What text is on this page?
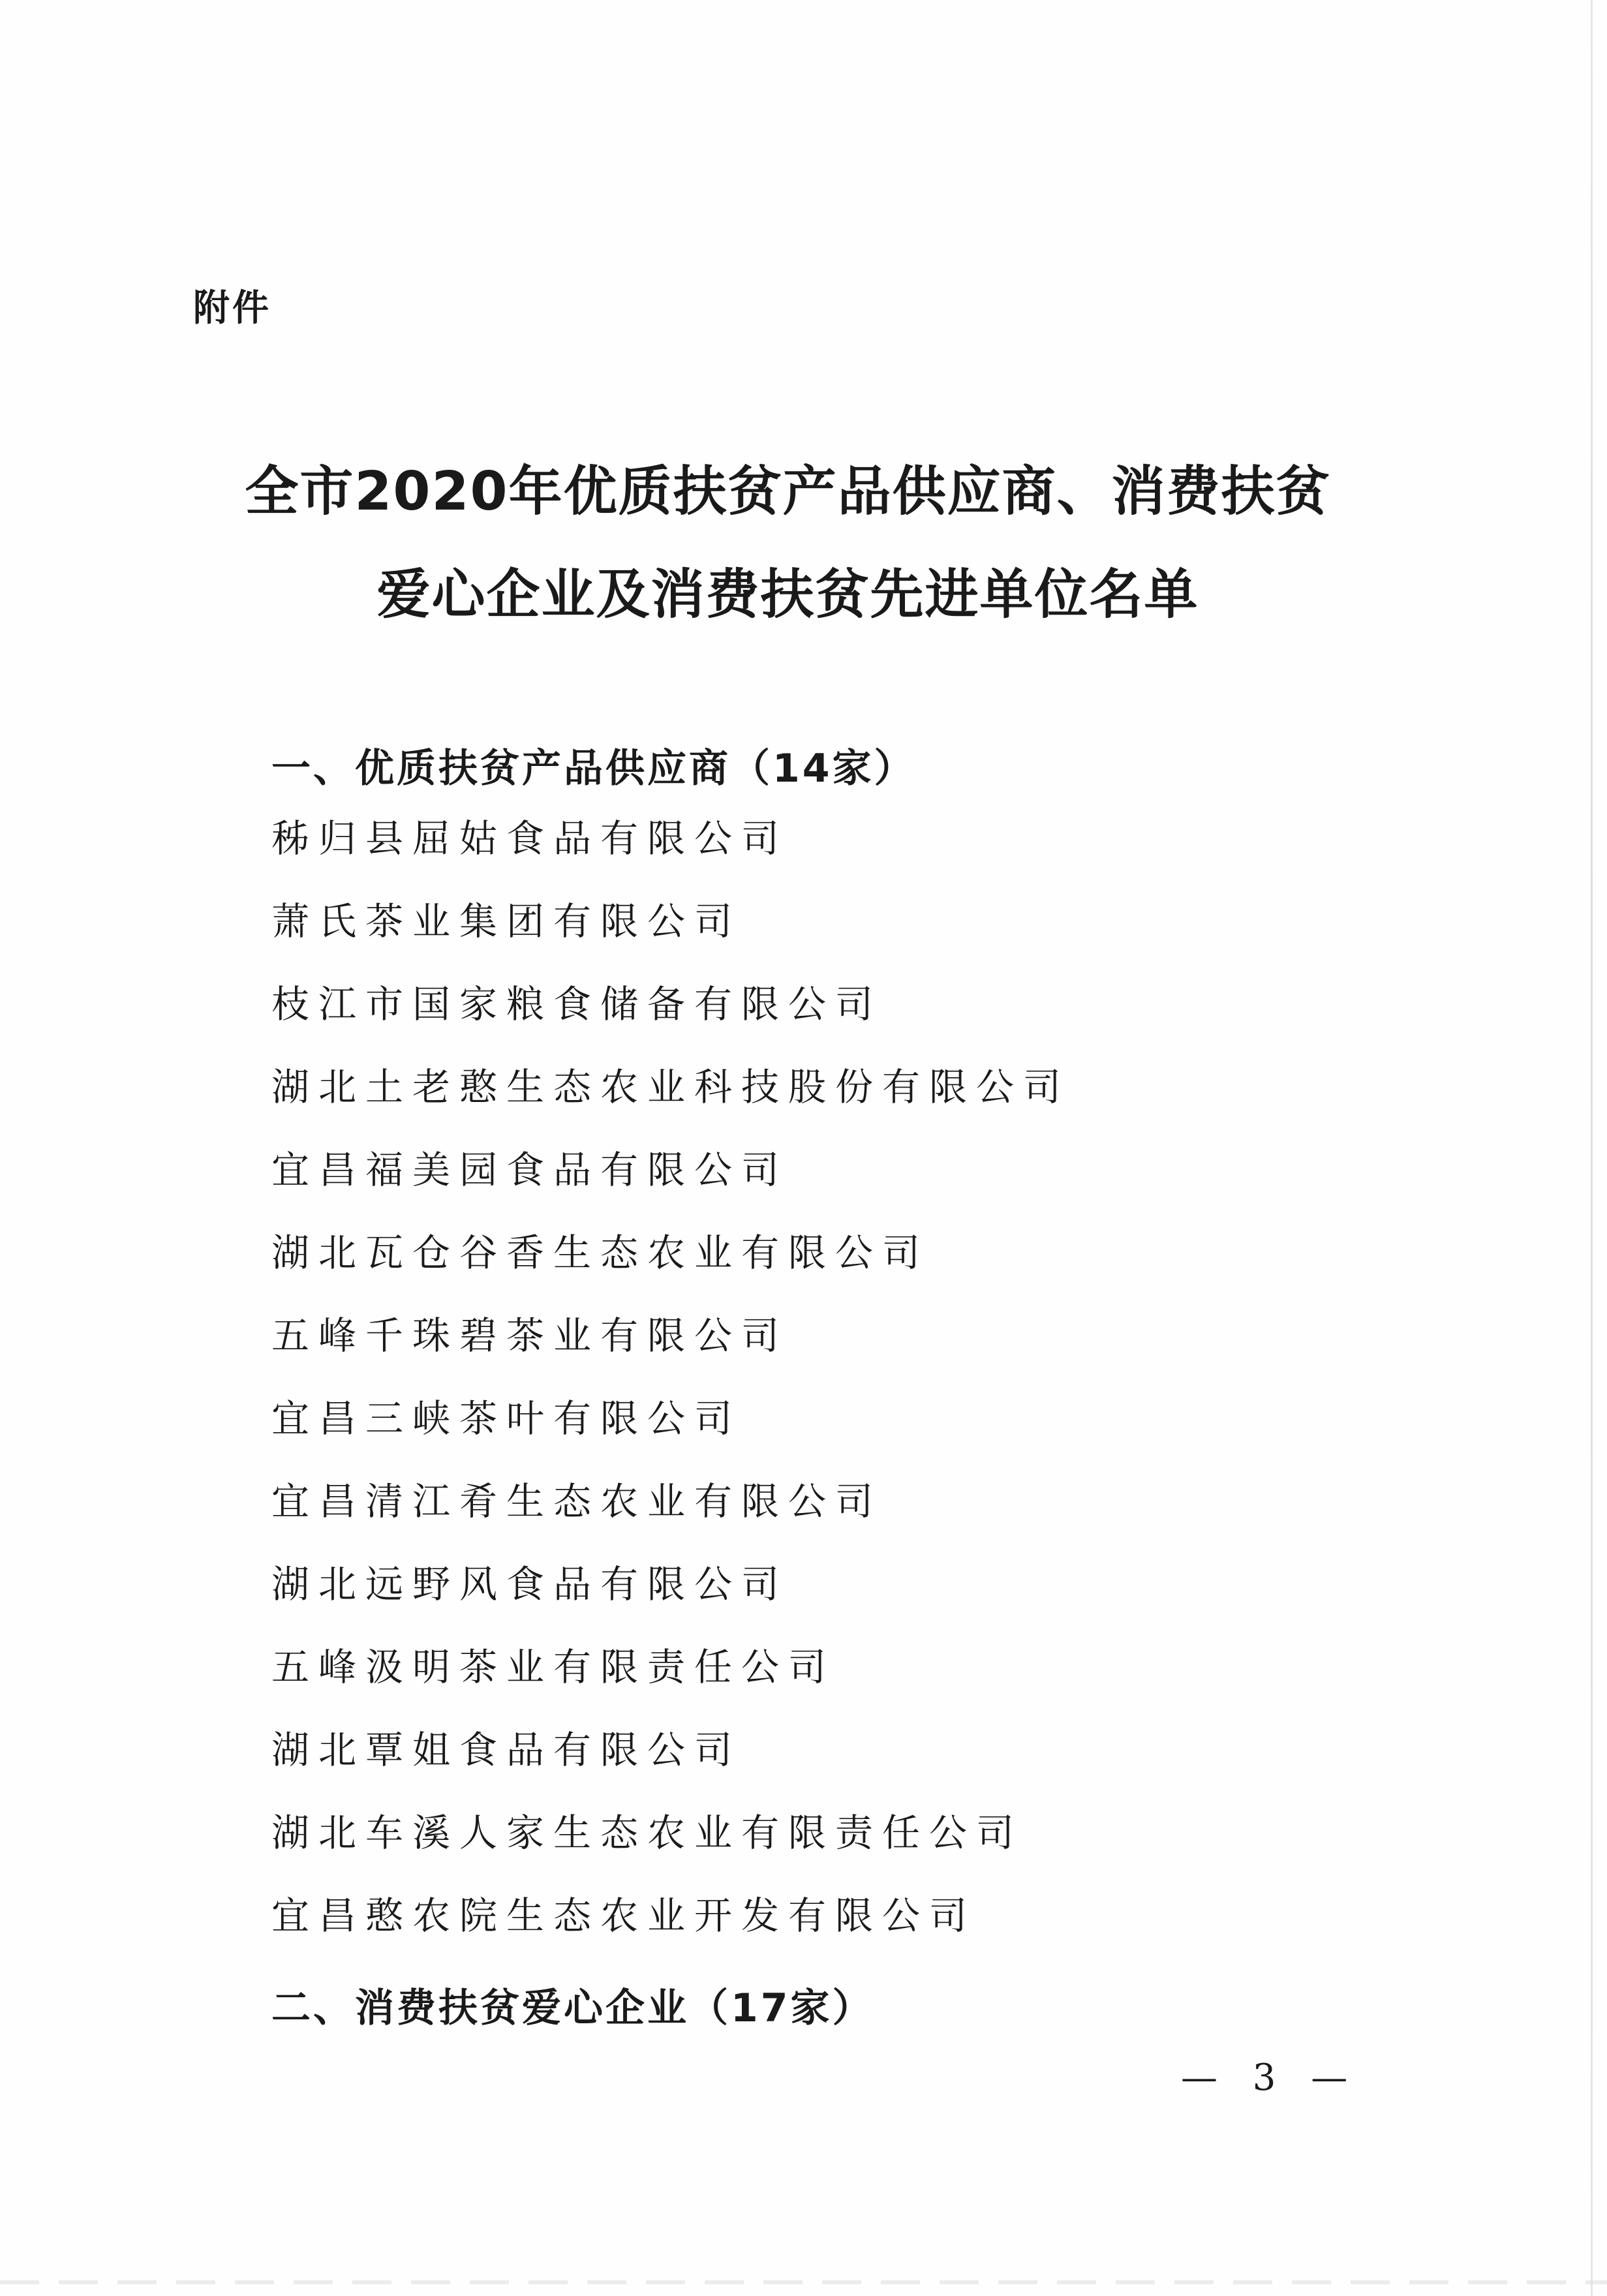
附件
全市2020年优质扶贫产品供应商、消费扶贫
爱心企业及消费扶贫先进单位名单
一、优质扶贫产品供应商（14家）
秭归县屈姑食品有限公司
萧氏茶业集团有限公司
枝江市国家粮食储备有限公司
湖北土老憨生态农业科技股份有限公司
宜昌福美园食品有限公司
湖北瓦仓谷香生态农业有限公司
五峰千珠碧茶业有限公司
宜昌三峡茶叶有限公司
宜昌清江肴生态农业有限公司
湖北远野风食品有限公司
五峰汲明茶业有限责任公司
湖北覃姐食品有限公司
湖北车溪人家生态农业有限责任公司
宜昌憨农院生态农业开发有限公司
二、消费扶贫爱心企业（17家）
— 3 —
